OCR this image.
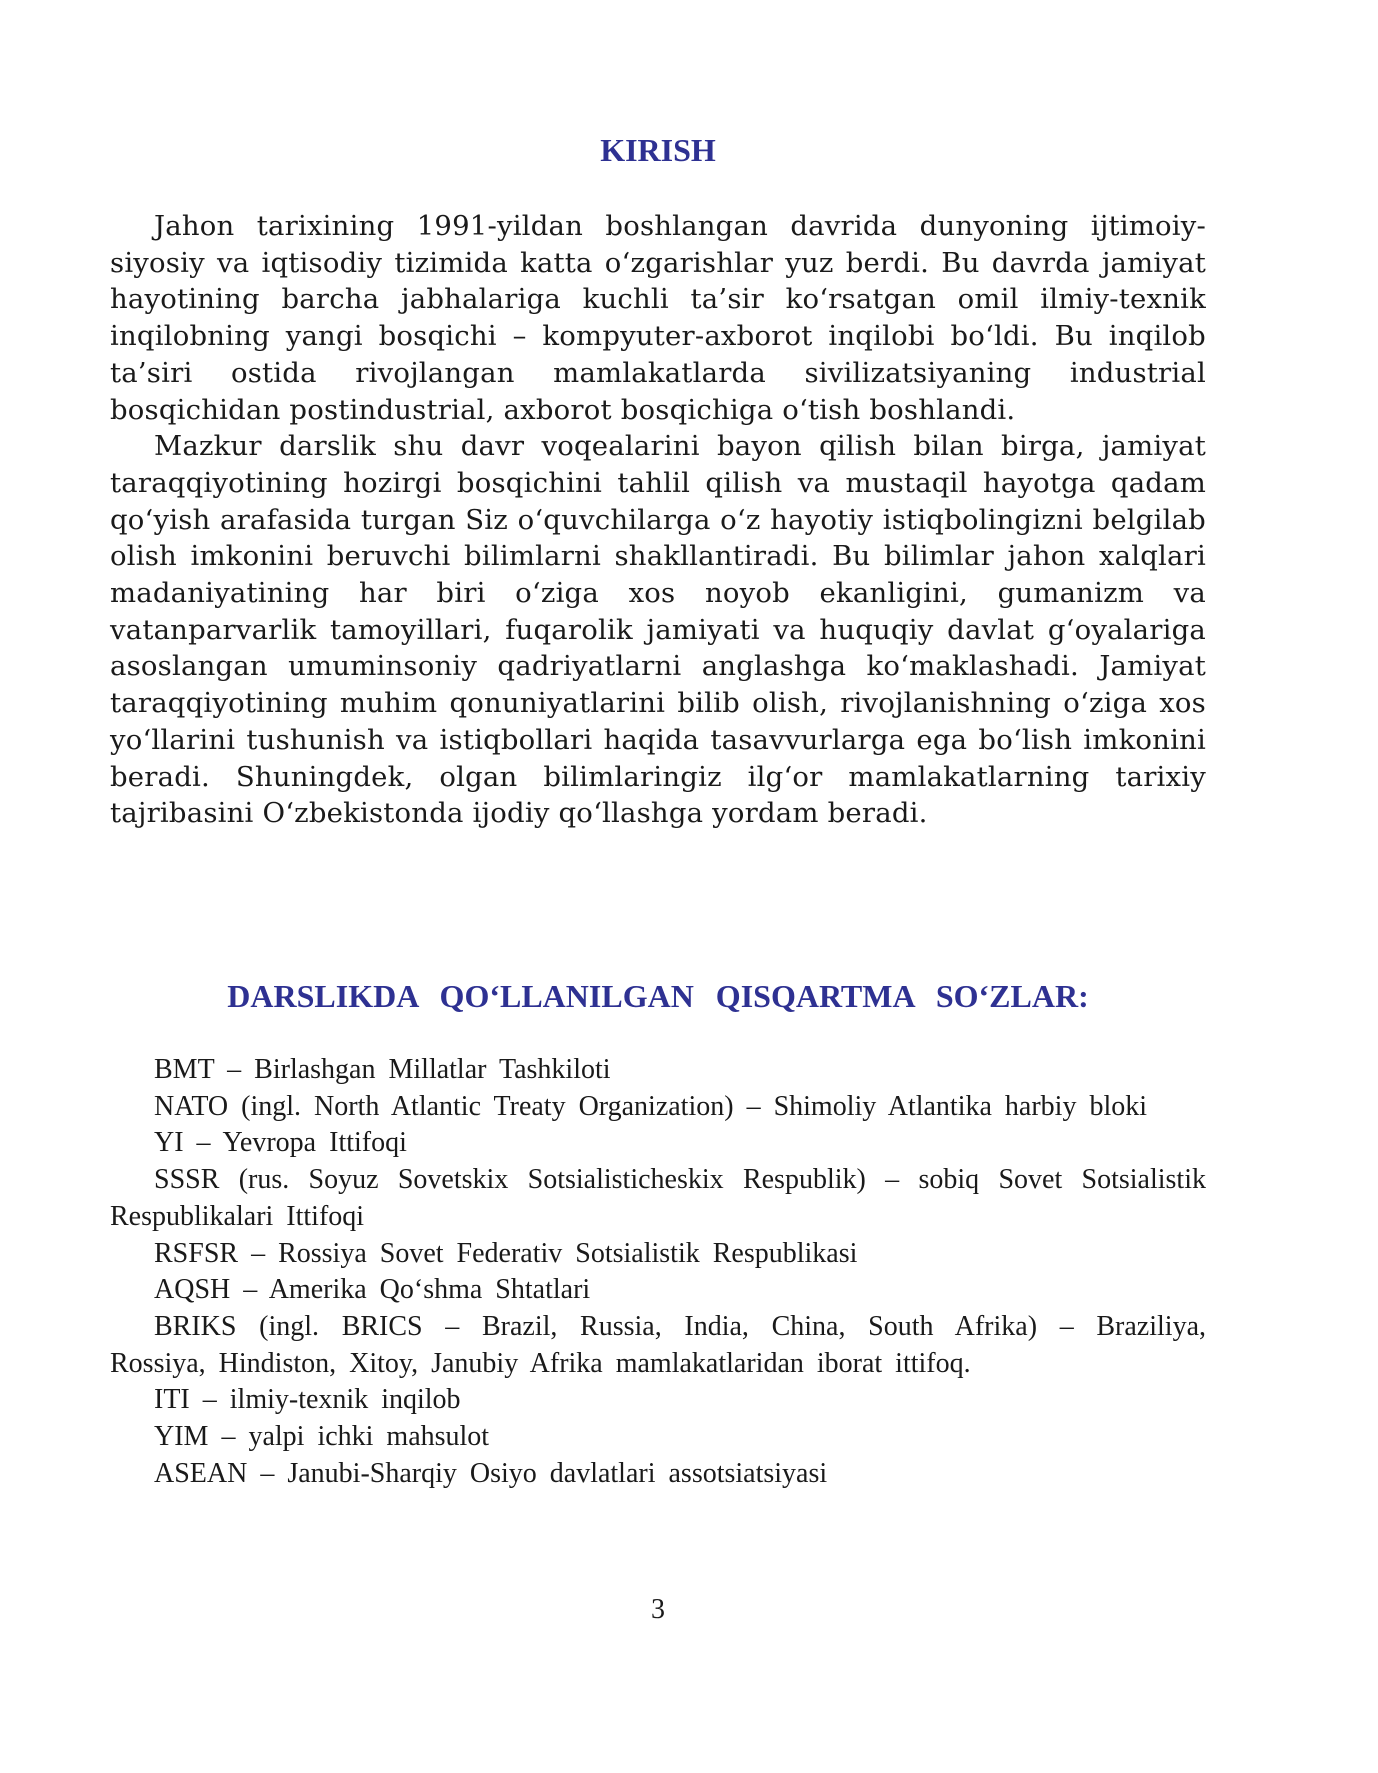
KIRISH

Jahon tarixining 1991-yildan boshlangan davrida dunyoning ijtimoiy-siyosiy va iqtisodiy tizimida katta o‘zgarishlar yuz berdi. Bu davrda jamiyat hayotining barcha jabhalariga kuchli ta’sir ko‘rsatgan omil ilmiy-texnik inqilobning yangi bosqichi – kompyuter-axborot inqilobi bo‘ldi. Bu inqilob ta’siri ostida rivojlangan mamlakatlarda sivilizatsiyaning industrial bosqichidan postindustrial, axborot bosqichiga o‘tish boshlandi.

Mazkur darslik shu davr voqealarini bayon qilish bilan birga, jamiyat taraqqiyotining hozirgi bosqichini tahlil qilish va mustaqil hayotga qadam qo‘yish arafasida turgan Siz o‘quvchilarga o‘z hayotiy istiqbolingizni belgilab olish imkonini beruvchi bilimlarni shakllantiradi. Bu bilimlar jahon xalqlari madaniyatining har biri o‘ziga xos noyob ekanligini, gumanizm va vatanparvarlik tamoyillari, fuqarolik jamiyati va huquqiy davlat g‘oyalariga asoslangan umuminsoniy qadriyatlarni anglashga ko‘maklashadi. Jamiyat taraqqiyotining muhim qonuniyatlarini bilib olish, rivojlanishning o‘ziga xos yo‘llarini tushunish va istiqbollari haqida tasavvurlarga ega bo‘lish imkonini beradi. Shuningdek, olgan bilimlaringiz ilg‘or mamlakatlarning tarixiy tajribasini O‘zbekistonda ijodiy qo‘llashga yordam beradi.

DARSLIKDA QO‘LLANILGAN QISQARTMA SO‘ZLAR:

BMT – Birlashgan Millatlar Tashkiloti

NATO (ingl. North Atlantic Treaty Organization) – Shimoliy Atlantika harbiy bloki

YI – Yevropa Ittifoqi

SSSR (rus. Soyuz Sovetskix Sotsialisticheskix Respublik) – sobiq Sovet Sotsialistik Respublikalari Ittifoqi

RSFSR – Rossiya Sovet Federativ Sotsialistik Respublikasi

AQSH – Amerika Qo‘shma Shtatlari

BRIKS (ingl. BRICS – Brazil, Russia, India, China, South Afrika) – Braziliya, Rossiya, Hindiston, Xitoy, Janubiy Afrika mamlakatlaridan iborat ittifoq.

ITI – ilmiy-texnik inqilob

YIM – yalpi ichki mahsulot

ASEAN – Janubi-Sharqiy Osiyo davlatlari assotsiatsiyasi

3
